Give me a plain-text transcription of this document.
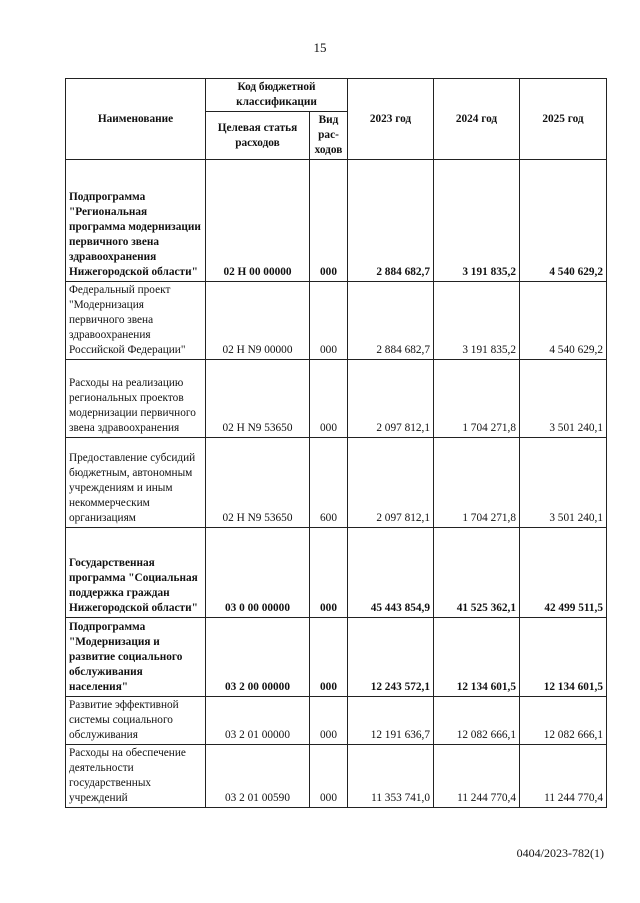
15
Наименование	Код бюджетной классификации		2023 год	2024 год	2025 год
	Целевая статья расходов	Вид рас-ходов			
Подпрограмма "Региональная программа модернизации первичного звена здравоохранения Нижегородской области"	02 Н 00 00000	000	2 884 682,7	3 191 835,2	4 540 629,2
Федеральный проект "Модернизация первичного звена здравоохранения Российской Федерации"	02 Н N9 00000	000	2 884 682,7	3 191 835,2	4 540 629,2
Расходы на реализацию региональных проектов модернизации первичного звена здравоохранения	02 Н N9 53650	000	2 097 812,1	1 704 271,8	3 501 240,1
Предоставление субсидий бюджетным, автономным учреждениям и иным некоммерческим организациям	02 Н N9 53650	600	2 097 812,1	1 704 271,8	3 501 240,1
Государственная программа "Социальная поддержка граждан Нижегородской области"	03 0 00 00000	000	45 443 854,9	41 525 362,1	42 499 511,5
Подпрограмма "Модернизация и развитие социального обслуживания населения"	03 2 00 00000	000	12 243 572,1	12 134 601,5	12 134 601,5
Развитие эффективной системы социального обслуживания	03 2 01 00000	000	12 191 636,7	12 082 666,1	12 082 666,1
Расходы на обеспечение деятельности государственных учреждений	03 2 01 00590	000	11 353 741,0	11 244 770,4	11 244 770,4
0404/2023-782(1)
